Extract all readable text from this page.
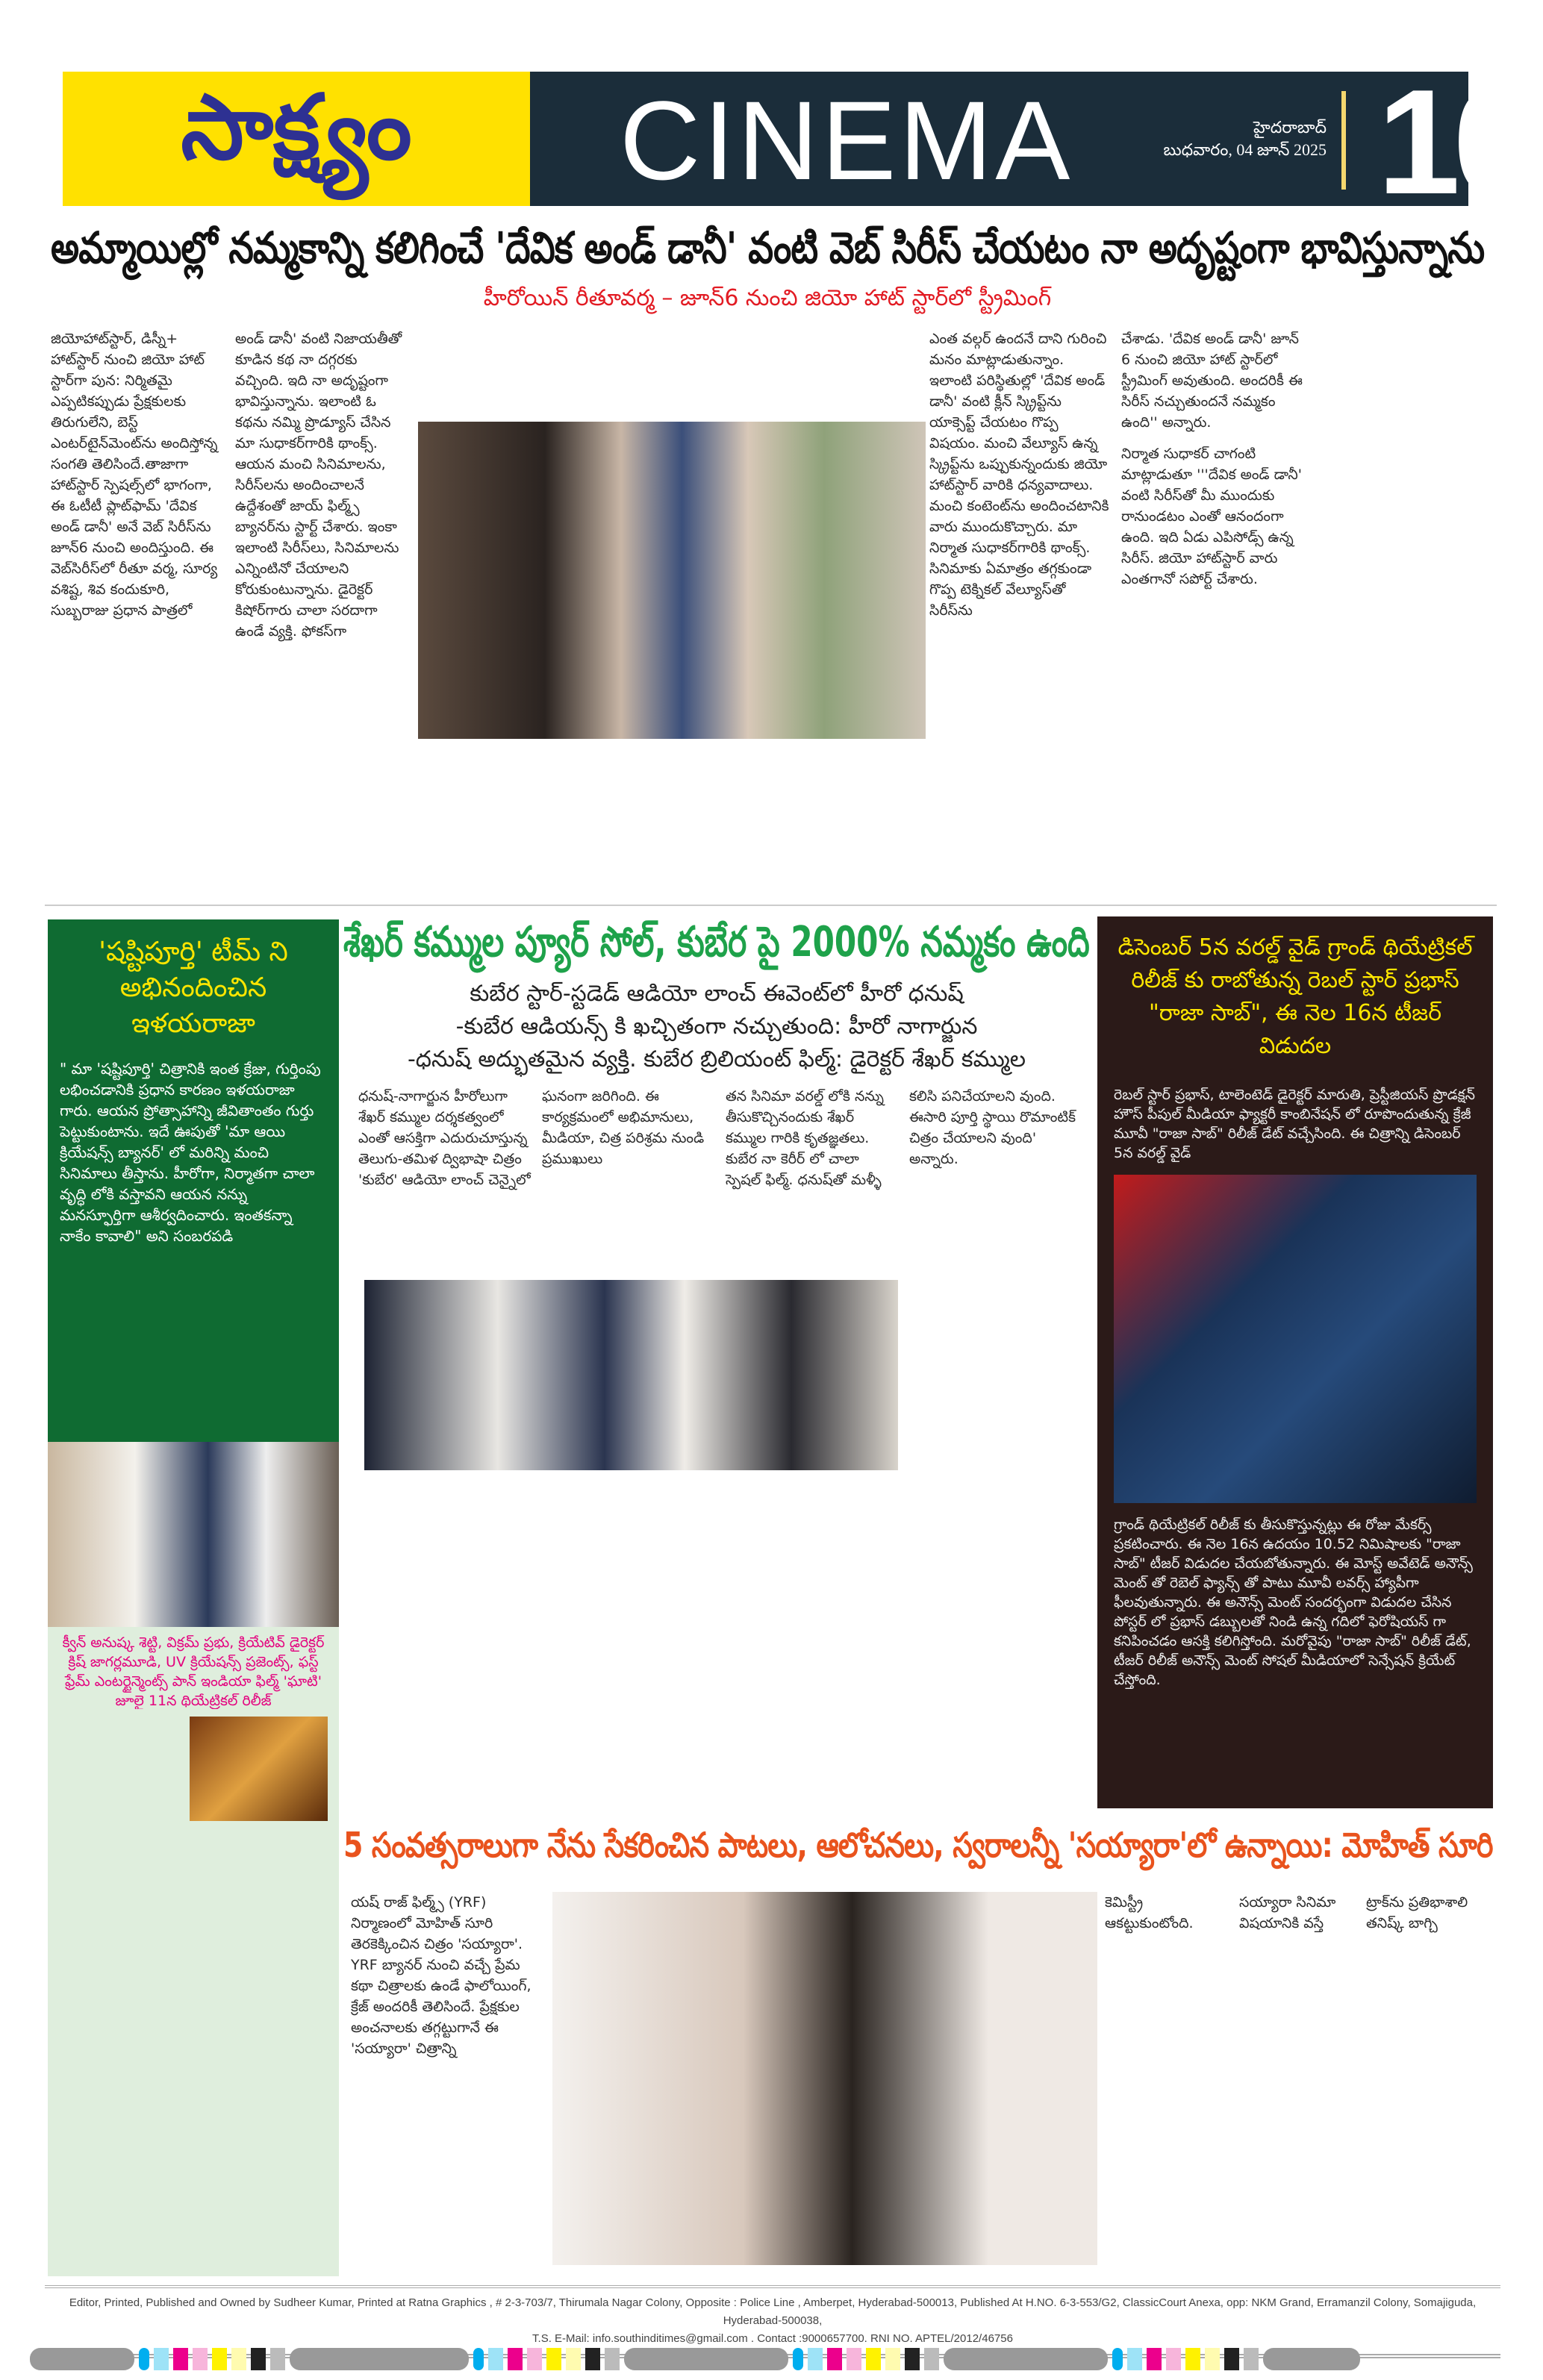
సాక్ష్యం CINEMA	హైదరాబాద్
బుధవారం, 04 జూన్ 2025 10
అమ్మాయిల్లో నమ్మకాన్ని కలిగించే 'దేవిక అండ్ డానీ' వంటి వెబ్ సిరీస్ చేయటం నా అదృష్టంగా భావిస్తున్నాను
హీరోయిన్ రీతూవర్మ – జూన్6 నుంచి జియో హాట్ స్టార్‌లో స్ట్రీమింగ్

జియోహాట్‌స్టార్, డిస్నీ+ హాట్‌స్టార్ నుంచి జియో హాట్ స్టార్‌గా పున: నిర్మితమై ఎప్పటికప్పుడు ప్రేక్షకులకు తిరుగులేని, బెస్ట్ ఎంటర్‌టైన్‌మెంట్‌ను అందిస్తోన్న సంగతి తెలిసిందే.తాజాగా హాట్‌స్టార్ స్పెషల్స్‌లో భాగంగా, ఈ ఓటీటీ ప్లాట్‌ఫామ్ 'దేవిక అండ్ డానీ' అనే వెబ్ సిరీస్‌ను జూన్6 నుంచి అందిస్తుంది. ఈ వెబ్‌సిరీస్‌లో రీతూ వర్మ, సూర్య వశిష్ట, శివ కందుకూరి, సుబ్బరాజు ప్రధాన పాత్రలో

అండ్ డానీ' వంటి నిజాయతీతో కూడిన కథ నా దగ్గరకు వచ్చింది. ఇది నా అదృష్టంగా భావిస్తున్నాను. ఇలాంటి ఓ కథను నమ్మి ప్రొడ్యూస్ చేసిన మా సుధాకర్‌గారికి థాంక్స్. ఆయన మంచి సినిమాలను, సిరీస్‌లను అందించాలనే ఉద్దేశంతో జాయ్ ఫిల్మ్స్ బ్యానర్‌ను స్టార్ట్ చేశారు. ఇంకా ఇలాంటి సిరీస్‌లు, సినిమాలను ఎన్నింటినో చేయాలని కోరుకుంటున్నాను. డైరెక్టర్ కిషోర్‌గారు చాలా సరదాగా ఉండే వ్యక్తి. ఫోకస్‌గా

ఎంత వల్గర్ ఉందనే దాని గురించి మనం మాట్లాడుతున్నాం. ఇలాంటి పరిస్థితుల్లో 'దేవిక అండ్ డానీ' వంటి క్లీన్ స్క్రిప్ట్‌ను యాక్సెప్ట్ చేయటం గొప్ప విషయం. మంచి వేల్యూస్ ఉన్న స్క్రిప్ట్‌ను ఒప్పుకున్నందుకు జియో హాట్‌స్టార్ వారికి ధన్యవాదాలు. మంచి కంటెంట్‌ను అందించటానికి వారు ముందుకొచ్చారు. మా నిర్మాత సుధాకర్‌గారికి థాంక్స్. సినిమాకు ఏమాత్రం తగ్గకుండా గొప్ప టెక్నికల్ వేల్యూస్‌తో సిరీస్‌ను

చేశాడు. 'దేవిక అండ్ డానీ' జూన్ 6 నుంచి జియో హాట్ స్టార్‌లో స్ట్రీమింగ్ అవుతుంది. అందరికీ ఈ సిరీస్ నచ్చుతుందనే నమ్మకం ఉంది'' అన్నారు.

నిర్మాత సుధాకర్ చాగంటి మాట్లాడుతూ '''దేవిక అండ్ డానీ' వంటి సిరీస్‌తో మీ ముందుకు రానుండటం ఎంతో ఆనందంగా ఉంది. ఇది ఏడు ఎపిసోడ్స్ ఉన్న సిరీస్. జియో హాట్‌స్టార్ వారు ఎంతగానో సపోర్ట్ చేశారు.

'షష్టిపూర్తి' టీమ్ ని అభినందించిన ఇళయరాజా
" మా 'షష్టిపూర్తి' చిత్రానికి ఇంత క్రేజు, గుర్తింపు లభించడానికి ప్రధాన కారణం ఇళయరాజా గారు. ఆయన ప్రోత్సాహాన్ని జీవితాంతం గుర్తు పెట్టుకుంటాను. ఇదే ఊపుతో 'మా ఆయి క్రియేషన్స్ బ్యానర్' లో మరిన్ని మంచి సినిమాలు తీస్తాను. హీరోగా, నిర్మాతగా చాలా వృద్ధి లోకి వస్తావని ఆయన నన్ను మనస్ఫూర్తిగా ఆశీర్వదించారు. ఇంతకన్నా నాకేం కావాలి" అని సంబరపడి
క్వీన్ అనుష్క శెట్టి, విక్రమ్ ప్రభు, క్రియేటివ్ డైరెక్టర్ క్రిష్ జాగర్లమూడి, UV క్రియేషన్స్ ప్రజెంట్స్, ఫస్ట్ ఫ్రేమ్ ఎంటర్టైన్మెంట్స్ పాన్ ఇండియా ఫిల్మ్ 'ఘాటి' జూలై 11న థియేట్రికల్ రిలీజ్
శేఖర్ కమ్ముల ప్యూర్ సోల్, కుబేర పై 2000% నమ్మకం ఉంది
కుబేర స్టార్-స్టడెడ్ ఆడియో లాంచ్ ఈవెంట్‌లో హీరో ధనుష్
-కుబేర ఆడియన్స్ కి ఖచ్చితంగా నచ్చుతుంది: హీరో నాగార్జున
-ధనుష్ అద్భుతమైన వ్యక్తి. కుబేర బ్రిలియంట్ ఫిల్మ్: డైరెక్టర్ శేఖర్ కమ్ముల

ధనుష్-నాగార్జున హీరోలుగా శేఖర్ కమ్ముల దర్శకత్వంలో ఎంతో ఆసక్తిగా ఎదురుచూస్తున్న తెలుగు-తమిళ ద్విభాషా చిత్రం 'కుబేర' ఆడియో లాంచ్ చెన్నైలో ఘనంగా జరిగింది. ఈ కార్యక్రమంలో అభిమానులు, మీడియా, చిత్ర పరిశ్రమ నుండి ప్రముఖులు

తన సినిమా వరల్డ్ లోకి నన్ను తీసుకొచ్చినందుకు శేఖర్ కమ్ముల గారికి కృతజ్ఞతలు. కుబేర నా కెరీర్ లో చాలా స్పెషల్ ఫిల్మ్. ధనుష్‌తో మళ్ళీ కలిసి పనిచేయాలని వుంది. ఈసారి పూర్తి స్థాయి రొమాంటిక్ చిత్రం చేయాలని వుంది' అన్నారు.

డిసెంబర్ 5న వరల్డ్ వైడ్ గ్రాండ్ థియేట్రికల్ రిలీజ్ కు రాబోతున్న రెబల్ స్టార్ ప్రభాస్ "రాజా సాబ్", ఈ నెల 16న టీజర్ విడుదల
రెబల్ స్టార్ ప్రభాస్, టాలెంటెడ్ డైరెక్టర్ మారుతి, ప్రెస్టీజియస్ ప్రొడక్షన్ హౌస్ పీపుల్ మీడియా ఫ్యాక్టరీ కాంబినేషన్ లో రూపొందుతున్న క్రేజీ మూవీ "రాజా సాబ్" రిలీజ్ డేట్ వచ్చేసింది. ఈ చిత్రాన్ని డిసెంబర్ 5న వరల్డ్ వైడ్
గ్రాండ్ థియేట్రికల్ రిలీజ్ కు తీసుకొస్తున్నట్లు ఈ రోజు మేకర్స్ ప్రకటించారు. ఈ నెల 16న ఉదయం 10.52 నిమిషాలకు "రాజా సాబ్" టీజర్ విడుదల చేయబోతున్నారు. ఈ మోస్ట్ అవేటెడ్ అనౌన్స్ మెంట్ తో రెబెల్ ఫ్యాన్స్ తో పాటు మూవీ లవర్స్ హ్యాపీగా ఫీలవుతున్నారు. ఈ అనౌన్స్ మెంట్ సందర్భంగా విడుదల చేసిన పోస్టర్ లో ప్రభాస్ డబ్బులతో నిండి ఉన్న గదిలో ఫెరోషియస్ గా కనిపించడం ఆసక్తి కలిగిస్తోంది. మరోవైపు "రాజా సాబ్" రిలీజ్ డేట్, టీజర్ రిలీజ్ అనౌన్స్ మెంట్ సోషల్ మీడియాలో సెన్సేషన్ క్రియేట్ చేస్తోంది.
5 సంవత్సరాలుగా నేను సేకరించిన పాటలు, ఆలోచనలు, స్వరాలన్నీ 'సయ్యారా'లో ఉన్నాయి: మోహిత్ సూరి
యష్ రాజ్ ఫిల్మ్స్ (YRF) నిర్మాణంలో మోహిత్ సూరి తెరకెక్కించిన చిత్రం 'సయ్యారా'. YRF బ్యానర్ నుంచి వచ్చే ప్రేమ కథా చిత్రాలకు ఉండే ఫాలోయింగ్, క్రేజ్ అందరికీ తెలిసిందే. ప్రేక్షకుల అంచనాలకు తగ్గట్టుగానే ఈ 'సయ్యారా' చిత్రాన్ని
కెమిస్ట్రీ ఆకట్టుకుంటోంది.
సయ్యారా సినిమా విషయానికి వస్తే
ట్రాక్‌ను ప్రతిభాశాలి తనిష్క్ బాగ్చి
Editor, Printed, Published and Owned by Sudheer Kumar, Printed at Ratna Graphics , # 2-3-703/7, Thirumala Nagar Colony, Opposite : Police Line , Amberpet, Hyderabad-500013, Published At H.NO. 6-3-553/G2, ClassicCourt Anexa, opp: NKM Grand, Erramanzil Colony, Somajiguda, Hyderabad-500038,
T.S. E-Mail: info.southinditimes@gmail.com . Contact :9000657700. RNI NO. APTEL/2012/46756
